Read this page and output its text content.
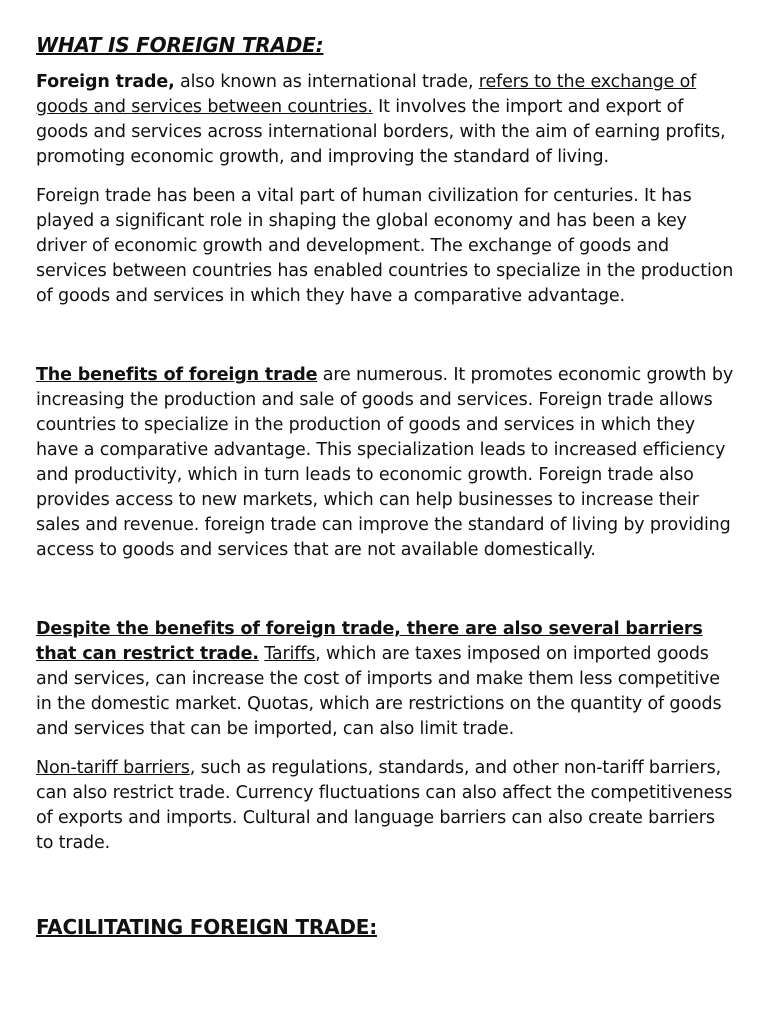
WHAT IS FOREIGN TRADE:

Foreign trade, also known as international trade, refers to the exchange of goods and services between countries. It involves the import and export of goods and services across international borders, with the aim of earning profits, promoting economic growth, and improving the standard of living.

Foreign trade has been a vital part of human civilization for centuries. It has played a significant role in shaping the global economy and has been a key driver of economic growth and development. The exchange of goods and services between countries has enabled countries to specialize in the production of goods and services in which they have a comparative advantage.

The benefits of foreign trade are numerous. It promotes economic growth by increasing the production and sale of goods and services. Foreign trade allows countries to specialize in the production of goods and services in which they have a comparative advantage. This specialization leads to increased efficiency and productivity, which in turn leads to economic growth. Foreign trade also provides access to new markets, which can help businesses to increase their sales and revenue. foreign trade can improve the standard of living by providing access to goods and services that are not available domestically.

Despite the benefits of foreign trade, there are also several barriers that can restrict trade. Tariffs, which are taxes imposed on imported goods and services, can increase the cost of imports and make them less competitive in the domestic market. Quotas, which are restrictions on the quantity of goods and services that can be imported, can also limit trade.

Non-tariff barriers, such as regulations, standards, and other non-tariff barriers, can also restrict trade. Currency fluctuations can also affect the competitiveness of exports and imports. Cultural and language barriers can also create barriers to trade.

FACILITATING FOREIGN TRADE:
